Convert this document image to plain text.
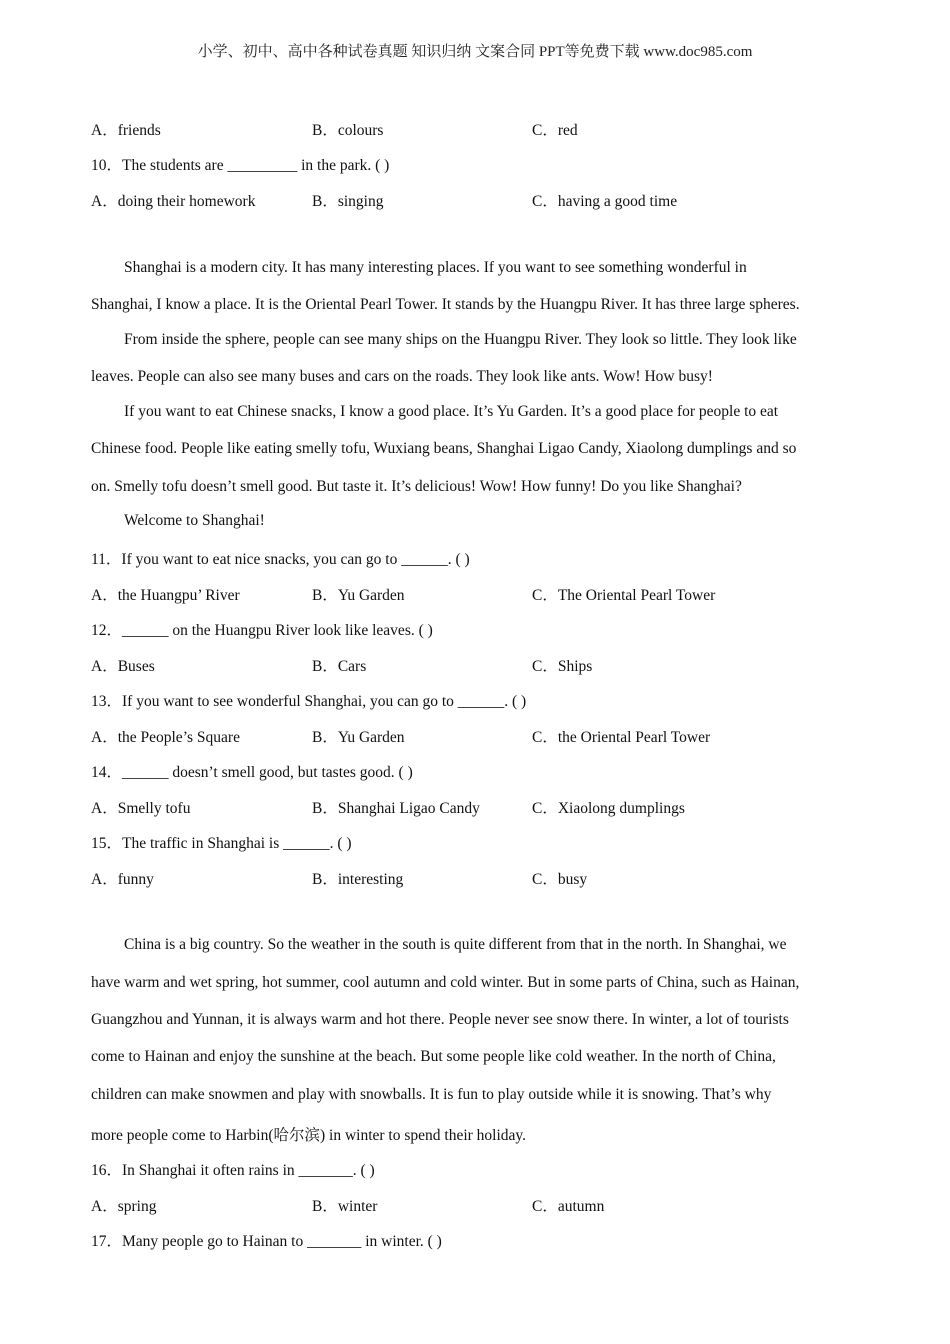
小学、初中、高中各种试卷真题 知识归纳 文案合同 PPT等免费下载 www.doc985.com
A．friends	B．colours	C．red
10．The students are _________ in the park. ( )
A．doing their homework	B．singing	C．having a good time
Shanghai is a modern city. It has many interesting places. If you want to see something wonderful in
Shanghai, I know a place. It is the Oriental Pearl Tower. It stands by the Huangpu River. It has three large spheres.
From inside the sphere, people can see many ships on the Huangpu River. They look so little. They look like
leaves. People can also see many buses and cars on the roads. They look like ants. Wow! How busy!
If you want to eat Chinese snacks, I know a good place. It’s Yu Garden. It’s a good place for people to eat
Chinese food. People like eating smelly tofu, Wuxiang beans, Shanghai Ligao Candy, Xiaolong dumplings and so
on. Smelly tofu doesn’t smell good. But taste it. It’s delicious! Wow! How funny! Do you like Shanghai?
Welcome to Shanghai!
11．If you want to eat nice snacks, you can go to ______. ( )
A．the Huangpu’ River	B．Yu Garden	C．The Oriental Pearl Tower
12．______ on the Huangpu River look like leaves. ( )
A．Buses	B．Cars	C．Ships
13．If you want to see wonderful Shanghai, you can go to ______. ( )
A．the People’s Square	B．Yu Garden	C．the Oriental Pearl Tower
14．______ doesn’t smell good, but tastes good. ( )
A．Smelly tofu	B．Shanghai Ligao Candy	C．Xiaolong dumplings
15．The traffic in Shanghai is ______. ( )
A．funny	B．interesting	C．busy
China is a big country. So the weather in the south is quite different from that in the north. In Shanghai, we
have warm and wet spring, hot summer, cool autumn and cold winter. But in some parts of China, such as Hainan,
Guangzhou and Yunnan, it is always warm and hot there. People never see snow there. In winter, a lot of tourists
come to Hainan and enjoy the sunshine at the beach. But some people like cold weather. In the north of China,
children can make snowmen and play with snowballs. It is fun to play outside while it is snowing. That’s why
more people come to Harbin(哈尔滨) in winter to spend their holiday.
16．In Shanghai it often rains in _______. ( )
A．spring	B．winter	C．autumn
17．Many people go to Hainan to _______ in winter. ( )
